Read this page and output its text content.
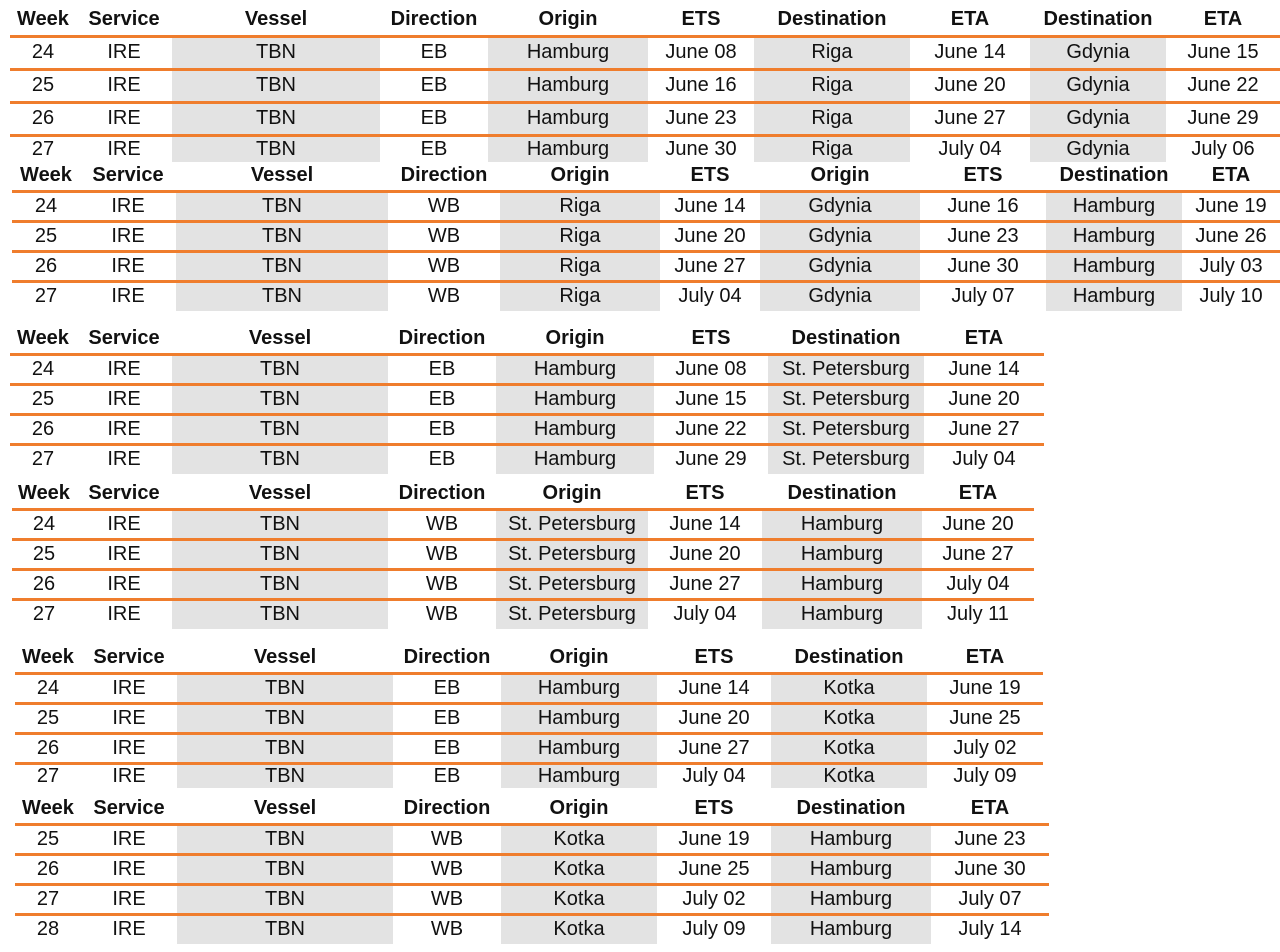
Week	Service	Vessel	Direction	Origin	ETS	Destination	ETA	Destination	ETA
24	IRE	TBN	EB	Hamburg	June 08	Riga	June 14	Gdynia	June 15
25	IRE	TBN	EB	Hamburg	June 16	Riga	June 20	Gdynia	June 22
26	IRE	TBN	EB	Hamburg	June 23	Riga	June 27	Gdynia	June 29
27	IRE	TBN	EB	Hamburg	June 30	Riga	July 04	Gdynia	July 06
Week	Service	Vessel	Direction	Origin	ETS	Origin	ETS	Destination	ETA
24	IRE	TBN	WB	Riga	June 14	Gdynia	June 16	Hamburg	June 19
25	IRE	TBN	WB	Riga	June 20	Gdynia	June 23	Hamburg	June 26
26	IRE	TBN	WB	Riga	June 27	Gdynia	June 30	Hamburg	July 03
27	IRE	TBN	WB	Riga	July 04	Gdynia	July 07	Hamburg	July 10
Week	Service	Vessel	Direction	Origin	ETS	Destination	ETA
24	IRE	TBN	EB	Hamburg	June 08	St. Petersburg	June 14
25	IRE	TBN	EB	Hamburg	June 15	St. Petersburg	June 20
26	IRE	TBN	EB	Hamburg	June 22	St. Petersburg	June 27
27	IRE	TBN	EB	Hamburg	June 29	St. Petersburg	July 04
Week	Service	Vessel	Direction	Origin	ETS	Destination	ETA
24	IRE	TBN	WB	St. Petersburg	June 14	Hamburg	June 20
25	IRE	TBN	WB	St. Petersburg	June 20	Hamburg	June 27
26	IRE	TBN	WB	St. Petersburg	June 27	Hamburg	July 04
27	IRE	TBN	WB	St. Petersburg	July 04	Hamburg	July 11
Week	Service	Vessel	Direction	Origin	ETS	Destination	ETA
24	IRE	TBN	EB	Hamburg	June 14	Kotka	June 19
25	IRE	TBN	EB	Hamburg	June 20	Kotka	June 25
26	IRE	TBN	EB	Hamburg	June 27	Kotka	July 02
27	IRE	TBN	EB	Hamburg	July 04	Kotka	July 09
Week	Service	Vessel	Direction	Origin	ETS	Destination	ETA
25	IRE	TBN	WB	Kotka	June 19	Hamburg	June 23
26	IRE	TBN	WB	Kotka	June 25	Hamburg	June 30
27	IRE	TBN	WB	Kotka	July 02	Hamburg	July 07
28	IRE	TBN	WB	Kotka	July 09	Hamburg	July 14
